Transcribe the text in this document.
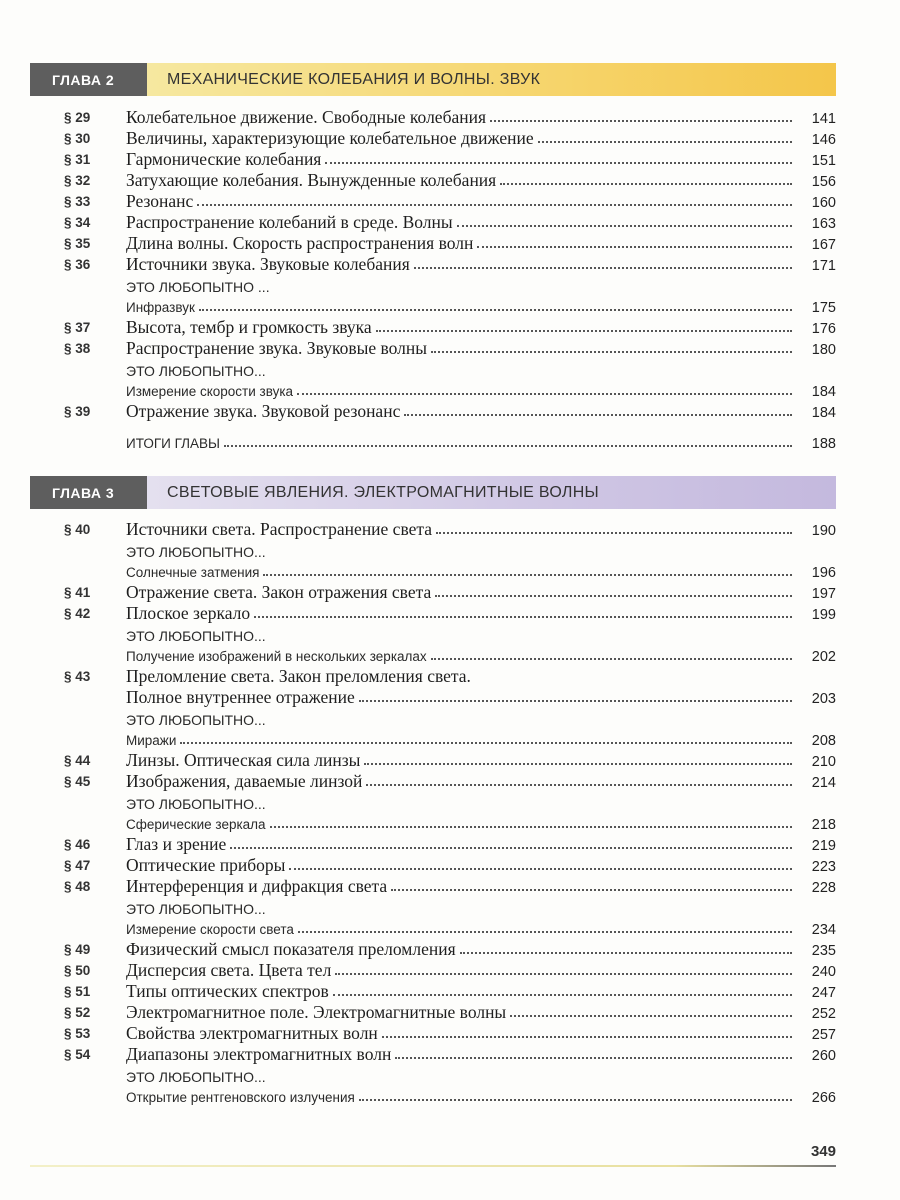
ГЛАВА 2	МЕХАНИЧЕСКИЕ КОЛЕБАНИЯ И ВОЛНЫ. ЗВУК
§ 29 Колебательное движение. Свободные колебания	141
§ 30 Величины, характеризующие колебательное движение	146
§ 31 Гармонические колебания	151
§ 32 Затухающие колебания. Вынужденные колебания	156
§ 33 Резонанс	160
§ 34 Распространение колебаний в среде. Волны	163
§ 35 Длина волны. Скорость распространения волн	167
§ 36 Источники звука. Звуковые колебания	171
ЭТО ЛЮБОПЫТНО ...
Инфразвук	175
§ 37 Высота, тембр и громкость звука	176
§ 38 Распространение звука. Звуковые волны	180
ЭТО ЛЮБОПЫТНО...
Измерение скорости звука	184
§ 39 Отражение звука. Звуковой резонанс	184
ИТОГИ ГЛАВЫ	188
ГЛАВА 3	СВЕТОВЫЕ ЯВЛЕНИЯ. ЭЛЕКТРОМАГНИТНЫЕ ВОЛНЫ
§ 40 Источники света. Распространение света	190
ЭТО ЛЮБОПЫТНО...
Солнечные затмения	196
§ 41 Отражение света. Закон отражения света	197
§ 42 Плоское зеркало	199
ЭТО ЛЮБОПЫТНО...
Получение изображений в нескольких зеркалах	202
§ 43 Преломление света. Закон преломления света.
Полное внутреннее отражение	203
ЭТО ЛЮБОПЫТНО...
Миражи	208
§ 44 Линзы. Оптическая сила линзы	210
§ 45 Изображения, даваемые линзой	214
ЭТО ЛЮБОПЫТНО...
Сферические зеркала	218
§ 46 Глаз и зрение	219
§ 47 Оптические приборы	223
§ 48 Интерференция и дифракция света	228
ЭТО ЛЮБОПЫТНО...
Измерение скорости света	234
§ 49 Физический смысл показателя преломления	235
§ 50 Дисперсия света. Цвета тел	240
§ 51 Типы оптических спектров	247
§ 52 Электромагнитное поле. Электромагнитные волны	252
§ 53 Свойства электромагнитных волн	257
§ 54 Диапазоны электромагнитных волн	260
ЭТО ЛЮБОПЫТНО...
Открытие рентгеновского излучения	266
349
